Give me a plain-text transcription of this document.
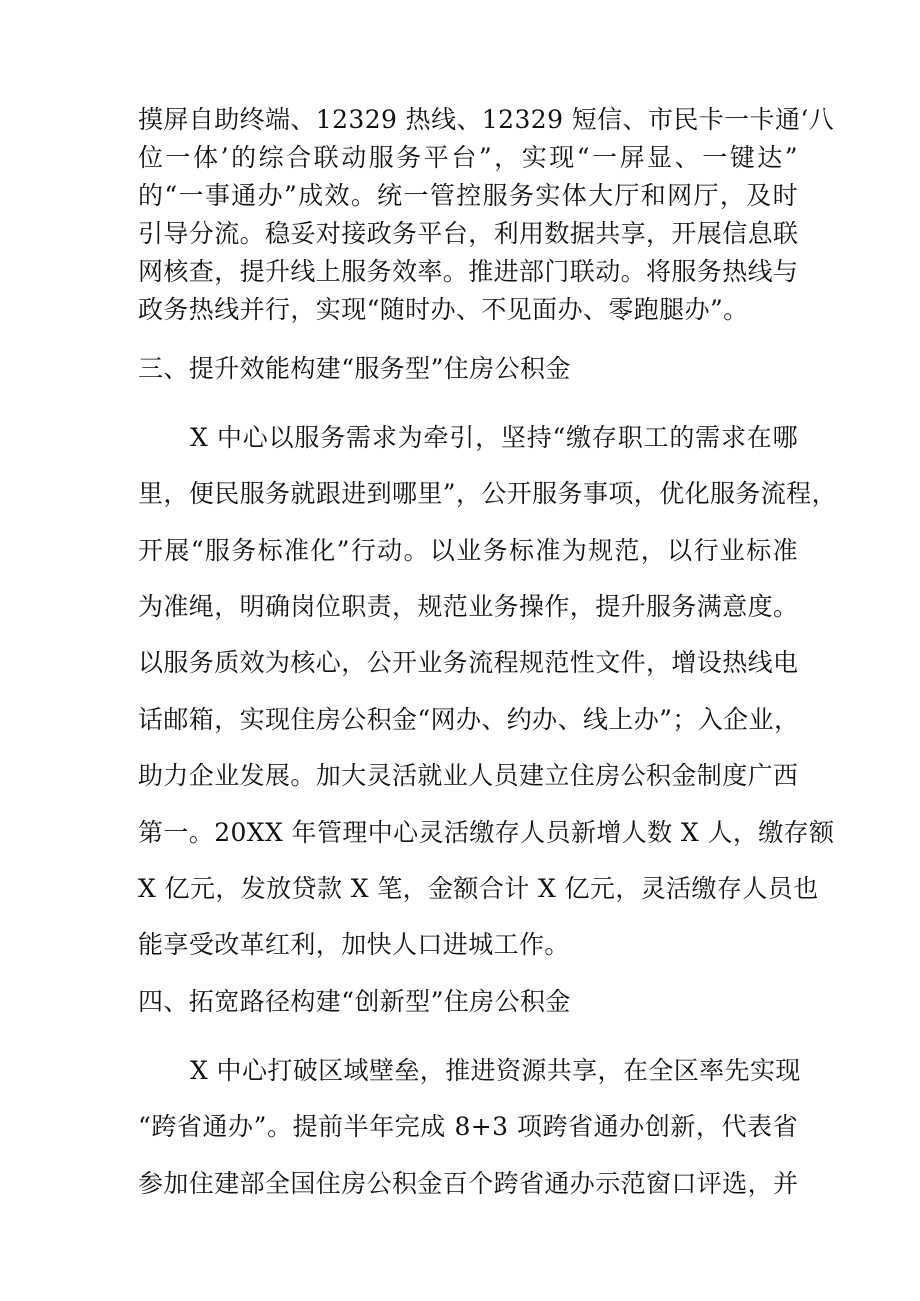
摸屏自助终端、12329 热线、12329 短信、市民卡一卡通‘八
位一体’的综合联动服务平台”，实现“一屏显、一键达”
的“一事通办”成效。统一管控服务实体大厅和网厅，及时
引导分流。稳妥对接政务平台，利用数据共享，开展信息联
网核查，提升线上服务效率。推进部门联动。将服务热线与
政务热线并行，实现“随时办、不见面办、零跑腿办”。
三、提升效能构建“服务型”住房公积金
X 中心以服务需求为牵引，坚持“缴存职工的需求在哪
里，便民服务就跟进到哪里”，公开服务事项，优化服务流程，
开展“服务标准化”行动。以业务标准为规范，以行业标准
为准绳，明确岗位职责，规范业务操作，提升服务满意度。
以服务质效为核心，公开业务流程规范性文件，增设热线电
话邮箱，实现住房公积金“网办、约办、线上办”；入企业，
助力企业发展。加大灵活就业人员建立住房公积金制度广西
第一。20XX 年管理中心灵活缴存人员新增人数 X 人，缴存额
X 亿元，发放贷款 X 笔，金额合计 X 亿元，灵活缴存人员也
能享受改革红利，加快人口进城工作。
四、拓宽路径构建“创新型”住房公积金
X 中心打破区域壁垒，推进资源共享，在全区率先实现
“跨省通办”。提前半年完成 8+3 项跨省通办创新，代表省
参加住建部全国住房公积金百个跨省通办示范窗口评选，并
